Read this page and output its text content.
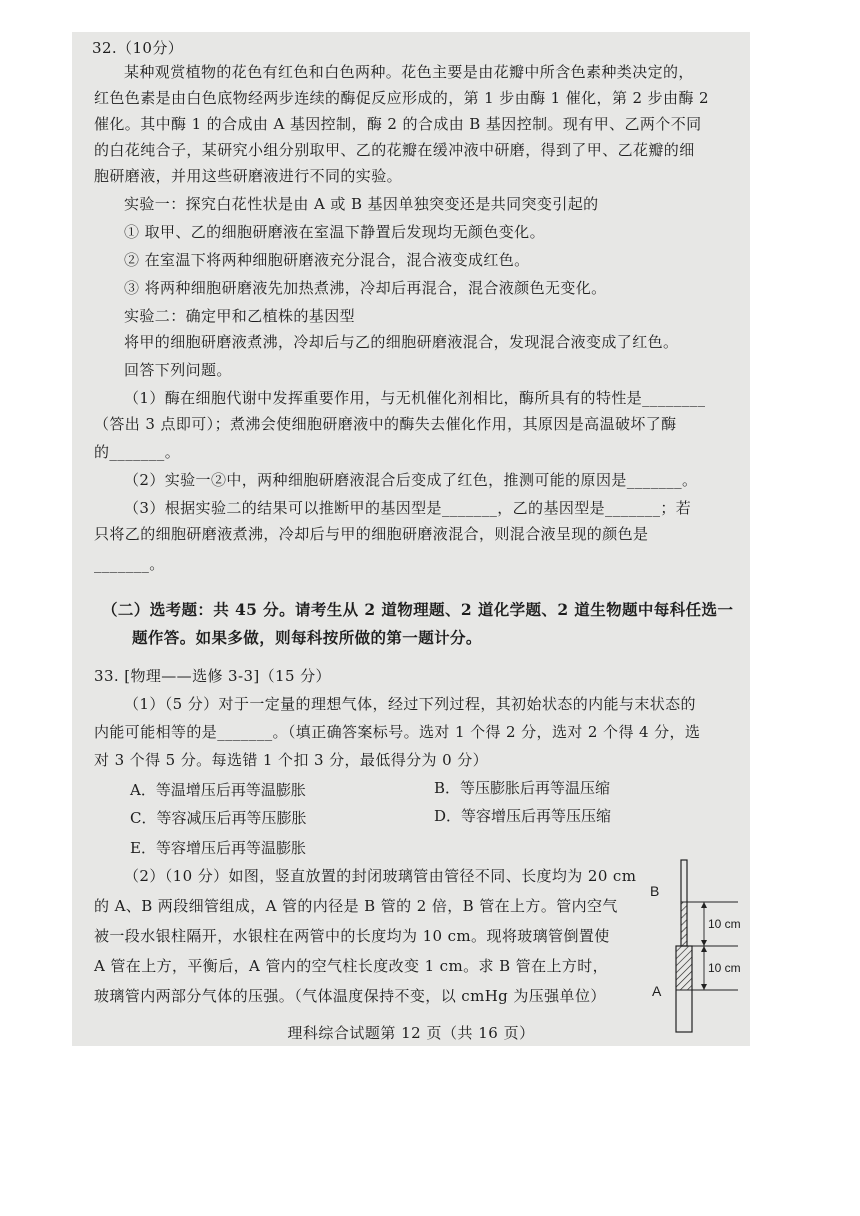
32.（10分）
某种观赏植物的花色有红色和白色两种。花色主要是由花瓣中所含色素种类决定的，
红色色素是由白色底物经两步连续的酶促反应形成的，第 1 步由酶 1 催化，第 2 步由酶 2
催化。其中酶 1 的合成由 A 基因控制，酶 2 的合成由 B 基因控制。现有甲、乙两个不同
的白花纯合子，某研究小组分别取甲、乙的花瓣在缓冲液中研磨，得到了甲、乙花瓣的细
胞研磨液，并用这些研磨液进行不同的实验。
实验一：探究白花性状是由 A 或 B 基因单独突变还是共同突变引起的
① 取甲、乙的细胞研磨液在室温下静置后发现均无颜色变化。
② 在室温下将两种细胞研磨液充分混合，混合液变成红色。
③ 将两种细胞研磨液先加热煮沸，冷却后再混合，混合液颜色无变化。
实验二：确定甲和乙植株的基因型
将甲的细胞研磨液煮沸，冷却后与乙的细胞研磨液混合，发现混合液变成了红色。
回答下列问题。
（1）酶在细胞代谢中发挥重要作用，与无机催化剂相比，酶所具有的特性是________
（答出 3 点即可）；煮沸会使细胞研磨液中的酶失去催化作用，其原因是高温破坏了酶
的_______。
（2）实验一②中，两种细胞研磨液混合后变成了红色，推测可能的原因是_______。
（3）根据实验二的结果可以推断甲的基因型是_______，乙的基因型是_______；若
只将乙的细胞研磨液煮沸，冷却后与甲的细胞研磨液混合，则混合液呈现的颜色是
_______。
（二）选考题：共 45 分。请考生从 2 道物理题、2 道化学题、2 道生物题中每科任选一
题作答。如果多做，则每科按所做的第一题计分。
33. [物理——选修 3-3]（15 分）
（1）（5 分）对于一定量的理想气体，经过下列过程，其初始状态的内能与末状态的
内能可能相等的是_______。（填正确答案标号。选对 1 个得 2 分，选对 2 个得 4 分，选
对 3 个得 5 分。每选错 1 个扣 3 分，最低得分为 0 分）
A．等温增压后再等温膨胀	B．等压膨胀后再等温压缩
C．等容减压后再等压膨胀	D．等容增压后再等压压缩
E．等容增压后再等温膨胀
（2）（10 分）如图，竖直放置的封闭玻璃管由管径不同、长度均为 20 cm
的 A、B 两段细管组成，A 管的内径是 B 管的 2 倍，B 管在上方。管内空气
被一段水银柱隔开，水银柱在两管中的长度均为 10 cm。现将玻璃管倒置使
A 管在上方，平衡后，A 管内的空气柱长度改变 1 cm。求 B 管在上方时，
玻璃管内两部分气体的压强。（气体温度保持不变，以 cmHg 为压强单位）
B
A
10 cm
10 cm
理科综合试题第 12 页（共 16 页）
